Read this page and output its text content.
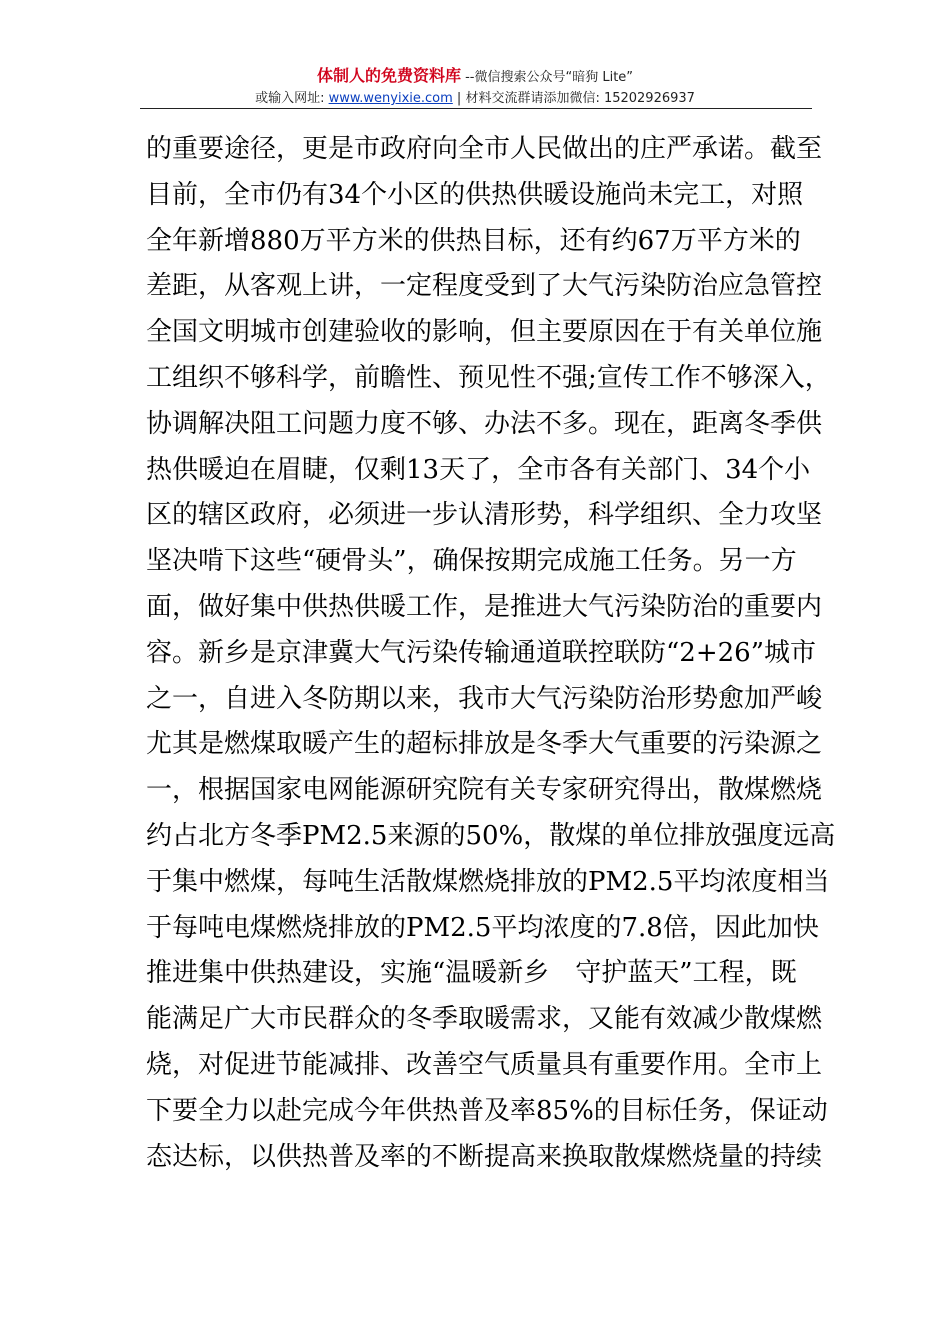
体制人的免费资料库 --微信搜索公众号“暗狗 Lite”
或输入网址: www.wenyixie.com | 材料交流群请添加微信: 15202926937
的重要途径，更是市政府向全市人民做出的庄严承诺。截至
目前，全市仍有34个小区的供热供暖设施尚未完工，对照
全年新增880万平方米的供热目标，还有约67万平方米的
差距，从客观上讲，一定程度受到了大气污染防治应急管控
全国文明城市创建验收的影响，但主要原因在于有关单位施
工组织不够科学，前瞻性、预见性不强;宣传工作不够深入，
协调解决阻工问题力度不够、办法不多。现在，距离冬季供
热供暖迫在眉睫，仅剩13天了，全市各有关部门、34个小
区的辖区政府，必须进一步认清形势，科学组织、全力攻坚
坚决啃下这些“硬骨头”，确保按期完成施工任务。另一方
面，做好集中供热供暖工作，是推进大气污染防治的重要内
容。新乡是京津冀大气污染传输通道联控联防“2+26”城市
之一，自进入冬防期以来，我市大气污染防治形势愈加严峻
尤其是燃煤取暖产生的超标排放是冬季大气重要的污染源之
一，根据国家电网能源研究院有关专家研究得出，散煤燃烧
约占北方冬季PM2.5来源的50%，散煤的单位排放强度远高
于集中燃煤，每吨生活散煤燃烧排放的PM2.5平均浓度相当
于每吨电煤燃烧排放的PM2.5平均浓度的7.8倍，因此加快
推进集中供热建设，实施“温暖新乡　守护蓝天”工程，既
能满足广大市民群众的冬季取暖需求，又能有效减少散煤燃
烧，对促进节能减排、改善空气质量具有重要作用。全市上
下要全力以赴完成今年供热普及率85%的目标任务，保证动
态达标，以供热普及率的不断提高来换取散煤燃烧量的持续
